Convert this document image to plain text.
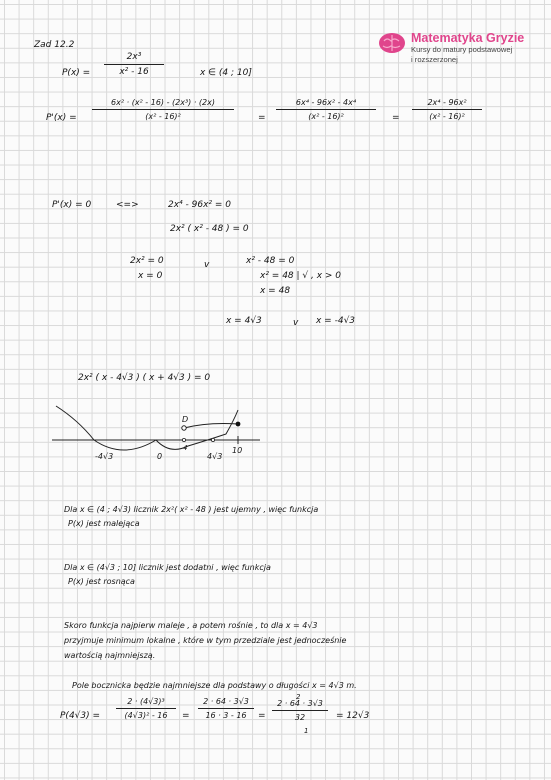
Matematyka Gryzie
Kursy do matury podstawowej
i rozszerzonej
Zad 12.2
P(x) =
2x³
x² - 16	x ∈ (4 ; 10]
P'(x) =
6x² · (x² - 16) - (2x³) · (2x)
(x² - 16)²	=
6x⁴ - 96x² - 4x⁴
(x² - 16)²	=
2x⁴ - 96x²
(x² - 16)²
P'(x) = 0	<=>	2x⁴ - 96x² = 0
2x² ( x² - 48 ) = 0
2x² = 0
x = 0
v	x² - 48 = 0
x² = 48 | √ , x > 0
x = 48
x = 4√3	v x = -4√3
2x² ( x - 4√3 ) ( x + 4√3 ) = 0
-4√3	0
4
4√3
10
D
Dla x ∈ (4 ; 4√3) licznik 2x²( x² - 48 ) jest ujemny , więc funkcja
P(x) jest malejąca
Dla x ∈ (4√3 ; 10] licznik jest dodatni , więc funkcja
P(x) jest rosnąca
Skoro funkcja najpierw maleje , a potem rośnie , to dla x = 4√3
przyjmuje minimum lokalne , które w tym przedziale jest jednocześnie
wartością najmniejszą.
Pole bocznicka będzie najmniejsze dla podstawy o długości x = 4√3 m.
P(4√3) =
2 · (4√3)³
(4√3)² - 16 =
2 · 64 · 3√3
16 · 3 - 16 =
2
2 · 64 · 3√3
32
1
= 12√3
